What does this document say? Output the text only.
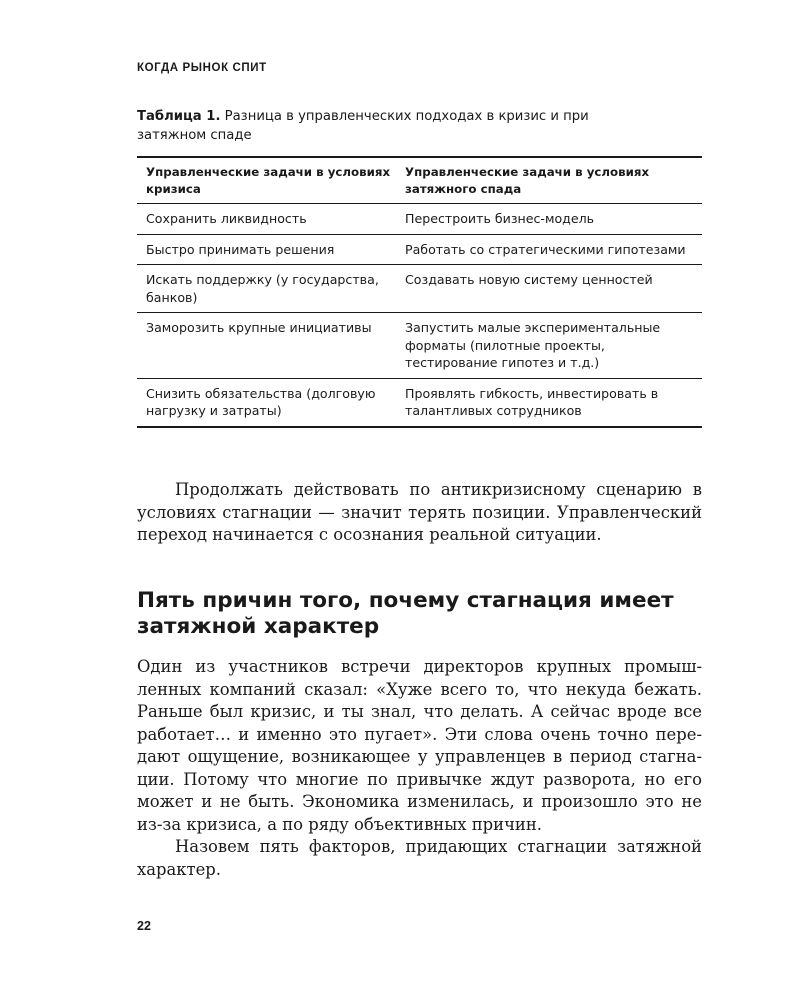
КОГДА РЫНОК СПИТ
Таблица 1. Разница в управленческих подходах в кризис и при затяжном спаде
Управленческие задачи в условиях кризиса	Управленческие задачи в условиях затяжного спада
Сохранить ликвидность	Перестроить бизнес-модель
Быстро принимать решения	Работать со стратегическими гипотезами
Искать поддержку (у государства, банков)	Создавать новую систему ценностей
Заморозить крупные инициативы	Запустить малые экспериментальные форматы (пилотные проекты, тестирование гипотез и т.д.)
Снизить обязательства (долговую нагрузку и затраты)	Проявлять гибкость, инвестировать в талантливых сотрудников

Продолжать действовать по антикризисному сценарию в условиях стагнации — значит терять позиции. Управленческий переход начинается с осознания реальной ситуации.

Пять причин того, почему стагнация имеет затяжной характер

Один из участников встречи директоров крупных промышленных компаний сказал: «Хуже всего то, что некуда бежать. Раньше был кризис, и ты знал, что делать. А сейчас вроде все работает… и именно это пугает». Эти слова очень точно передают ощущение, возникающее у управленцев в период стагнации. Потому что многие по привычке ждут разворота, но его может и не быть. Экономика изменилась, и произошло это не из-за кризиса, а по ряду объективных причин.

Назовем пять факторов, придающих стагнации затяжной характер.

22
